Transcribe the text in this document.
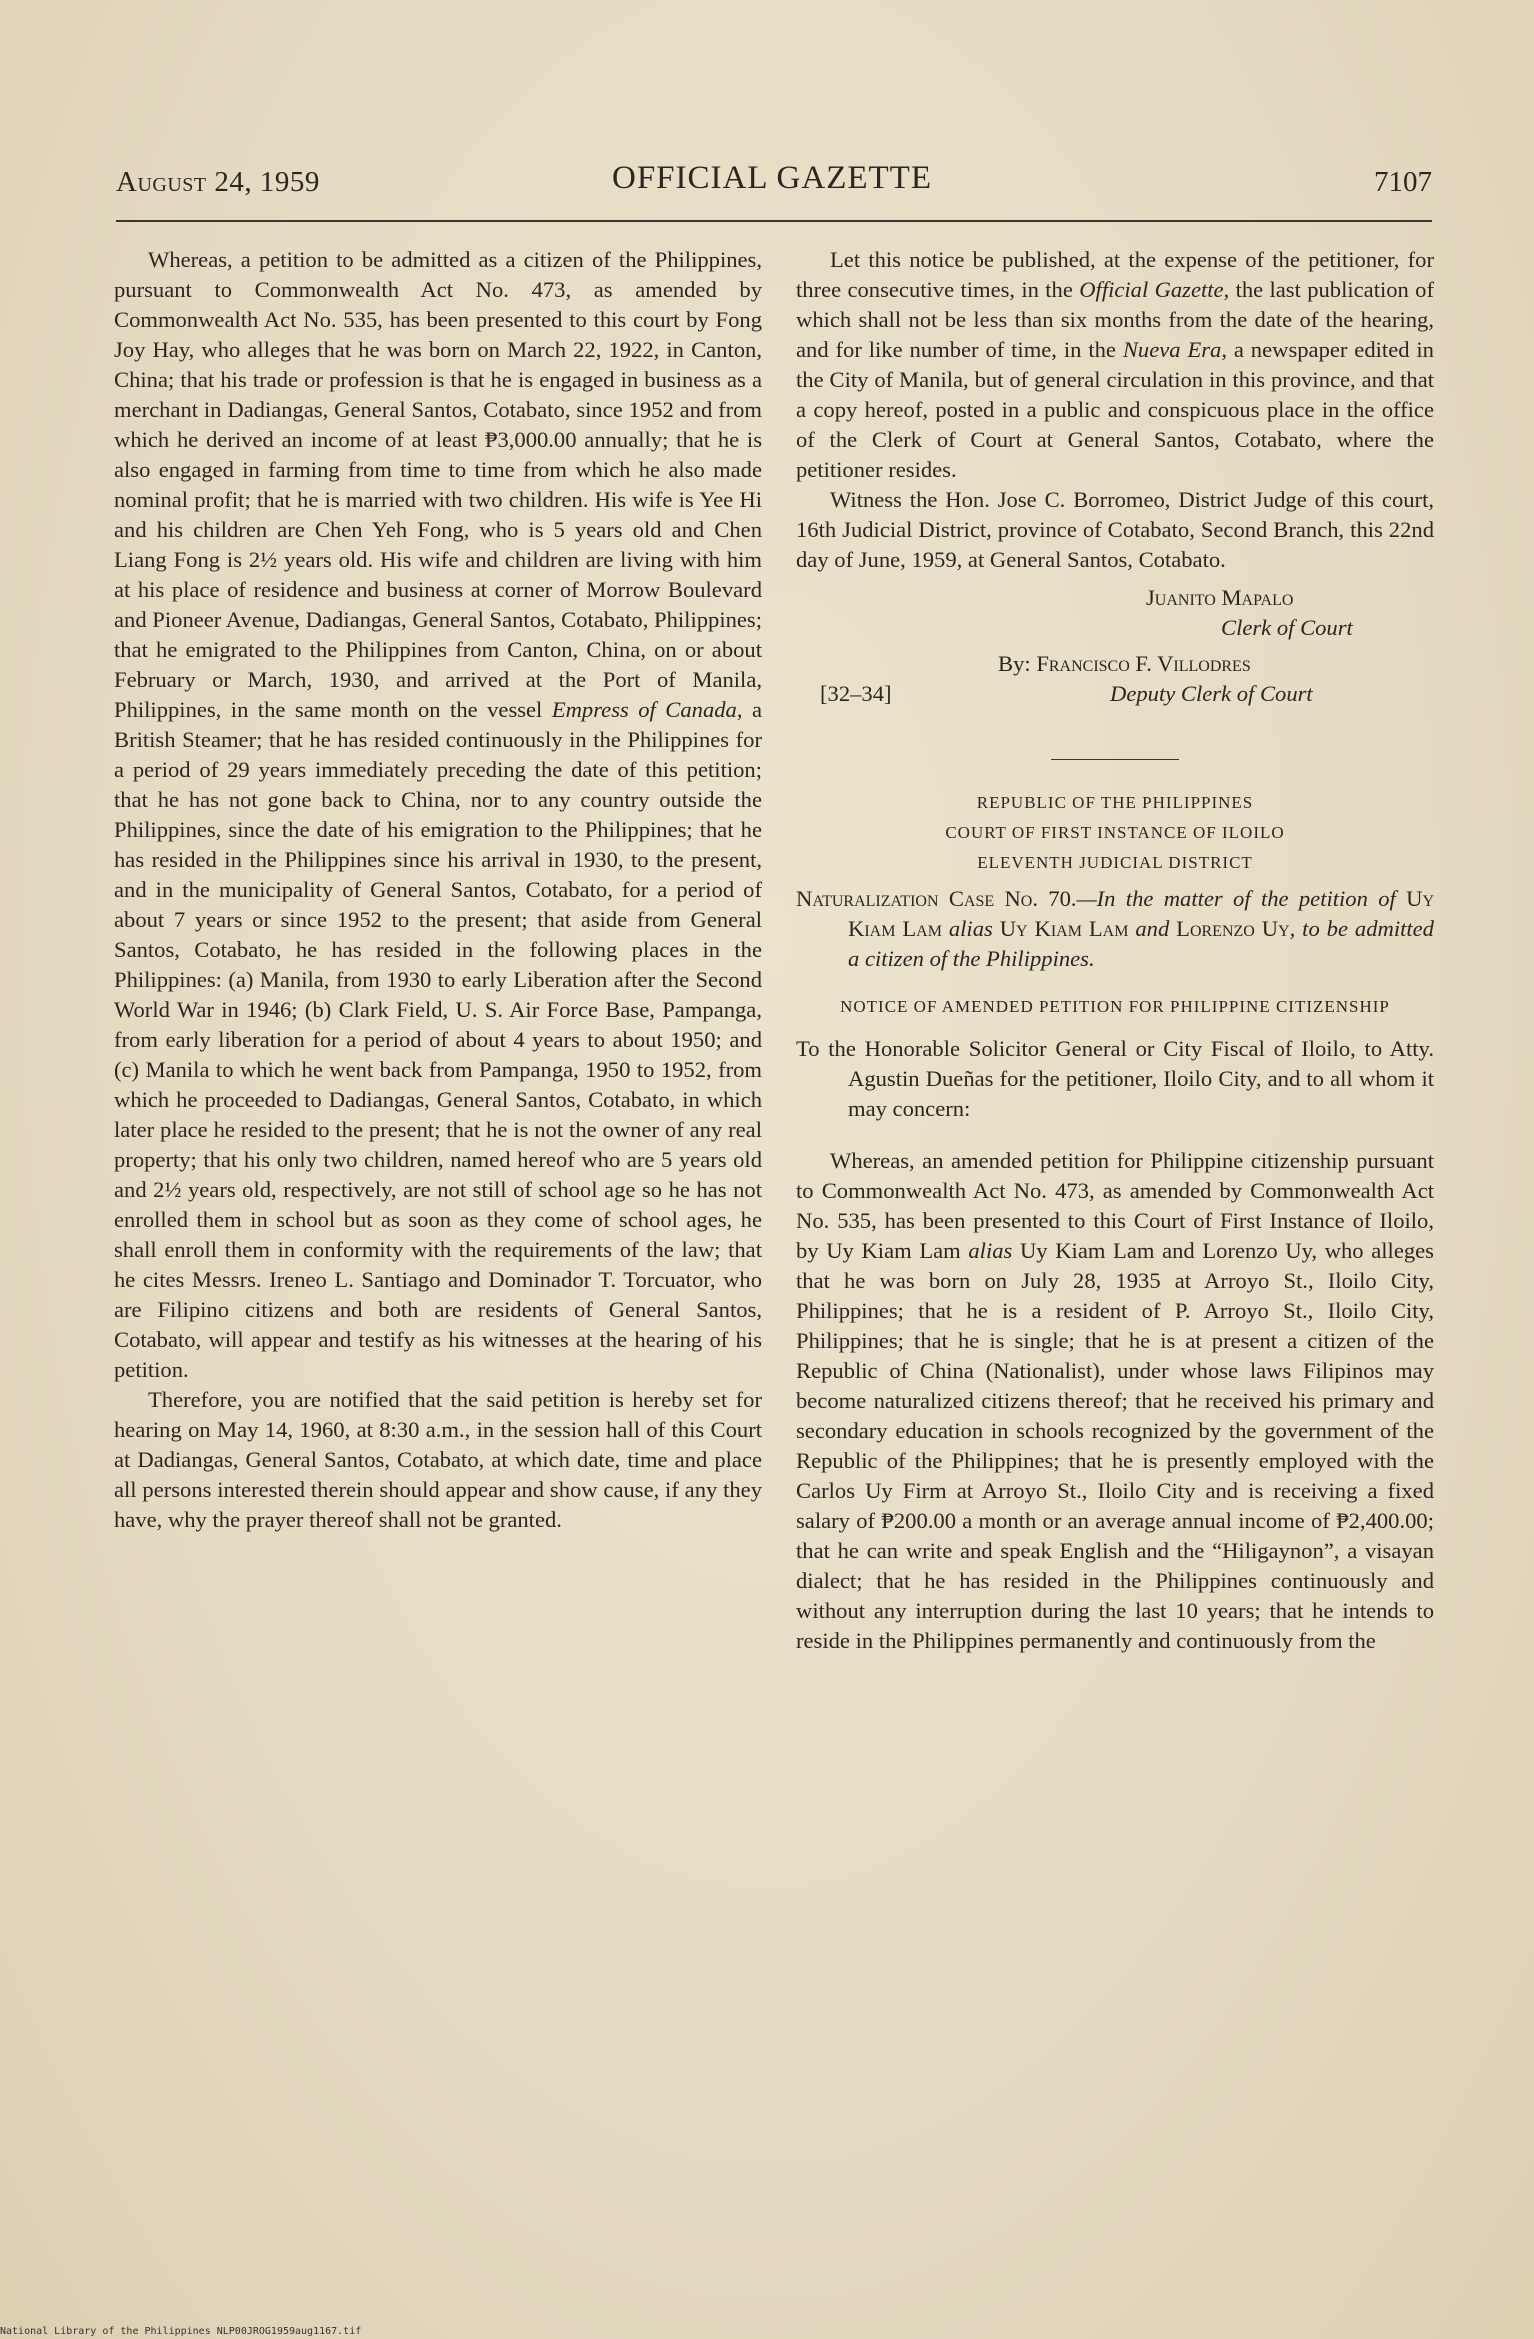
August 24, 1959	OFFICIAL GAZETTE	7107

Whereas, a petition to be admitted as a citizen of the Philippines, pursuant to Commonwealth Act No. 473, as amended by Commonwealth Act No. 535, has been presented to this court by Fong Joy Hay, who alleges that he was born on March 22, 1922, in Canton, China; that his trade or profession is that he is engaged in business as a merchant in Dadiangas, General Santos, Cotabato, since 1952 and from which he derived an income of at least ₱3,000.00 annually; that he is also engaged in farming from time to time from which he also made nominal profit; that he is married with two children. His wife is Yee Hi and his children are Chen Yeh Fong, who is 5 years old and Chen Liang Fong is 2½ years old. His wife and children are living with him at his place of residence and business at corner of Morrow Boulevard and Pioneer Avenue, Dadiangas, General Santos, Cotabato, Philippines; that he emigrated to the Philippines from Canton, China, on or about February or March, 1930, and arrived at the Port of Manila, Philippines, in the same month on the vessel Empress of Canada, a British Steamer; that he has resided continuously in the Philippines for a period of 29 years immediately preceding the date of this petition; that he has not gone back to China, nor to any country outside the Philippines, since the date of his emigration to the Philippines; that he has resided in the Philippines since his arrival in 1930, to the present, and in the municipality of General Santos, Cotabato, for a period of about 7 years or since 1952 to the present; that aside from General Santos, Cotabato, he has resided in the following places in the Philippines: (a) Manila, from 1930 to early Liberation after the Second World War in 1946; (b) Clark Field, U. S. Air Force Base, Pampanga, from early liberation for a period of about 4 years to about 1950; and (c) Manila to which he went back from Pampanga, 1950 to 1952, from which he proceeded to Dadiangas, General Santos, Cotabato, in which later place he resided to the present; that he is not the owner of any real property; that his only two children, named hereof who are 5 years old and 2½ years old, respectively, are not still of school age so he has not enrolled them in school but as soon as they come of school ages, he shall enroll them in conformity with the requirements of the law; that he cites Messrs. Ireneo L. Santiago and Dominador T. Torcuator, who are Filipino citizens and both are residents of General Santos, Cotabato, will appear and testify as his witnesses at the hearing of his petition.

Therefore, you are notified that the said petition is hereby set for hearing on May 14, 1960, at 8:30 a.m., in the session hall of this Court at Dadiangas, General Santos, Cotabato, at which date, time and place all persons interested therein should appear and show cause, if any they have, why the prayer thereof shall not be granted.

Let this notice be published, at the expense of the petitioner, for three consecutive times, in the Official Gazette, the last publication of which shall not be less than six months from the date of the hearing, and for like number of time, in the Nueva Era, a newspaper edited in the City of Manila, but of general circulation in this province, and that a copy hereof, posted in a public and conspicuous place in the office of the Clerk of Court at General Santos, Cotabato, where the petitioner resides.

Witness the Hon. Jose C. Borromeo, District Judge of this court, 16th Judicial District, province of Cotabato, Second Branch, this 22nd day of June, 1959, at General Santos, Cotabato.

Juanito Mapalo
Clerk of Court
By: Francisco F. Villodres
[32–34]	Deputy Clerk of Court
REPUBLIC OF THE PHILIPPINES
COURT OF FIRST INSTANCE OF ILOILO
ELEVENTH JUDICIAL DISTRICT
Naturalization Case No. 70.—In the matter of the petition of Uy Kiam Lam alias Uy Kiam Lam and Lorenzo Uy, to be admitted a citizen of the Philippines.
NOTICE OF AMENDED PETITION FOR PHILIPPINE CITIZENSHIP
To the Honorable Solicitor General or City Fiscal of Iloilo, to Atty. Agustin Dueñas for the petitioner, Iloilo City, and to all whom it may concern:

Whereas, an amended petition for Philippine citizenship pursuant to Commonwealth Act No. 473, as amended by Commonwealth Act No. 535, has been presented to this Court of First Instance of Iloilo, by Uy Kiam Lam alias Uy Kiam Lam and Lorenzo Uy, who alleges that he was born on July 28, 1935 at Arroyo St., Iloilo City, Philippines; that he is a resident of P. Arroyo St., Iloilo City, Philippines; that he is single; that he is at present a citizen of the Republic of China (Nationalist), under whose laws Filipinos may become naturalized citizens thereof; that he received his primary and secondary education in schools recognized by the government of the Republic of the Philippines; that he is presently employed with the Carlos Uy Firm at Arroyo St., Iloilo City and is receiving a fixed salary of ₱200.00 a month or an average annual income of ₱2,400.00; that he can write and speak English and the “Hiligaynon”, a visayan dialect; that he has resided in the Philippines continuously and without any interruption during the last 10 years; that he intends to reside in the Philippines permanently and continuously from the

National Library of the Philippines NLP00JROG1959aug1167.tif
